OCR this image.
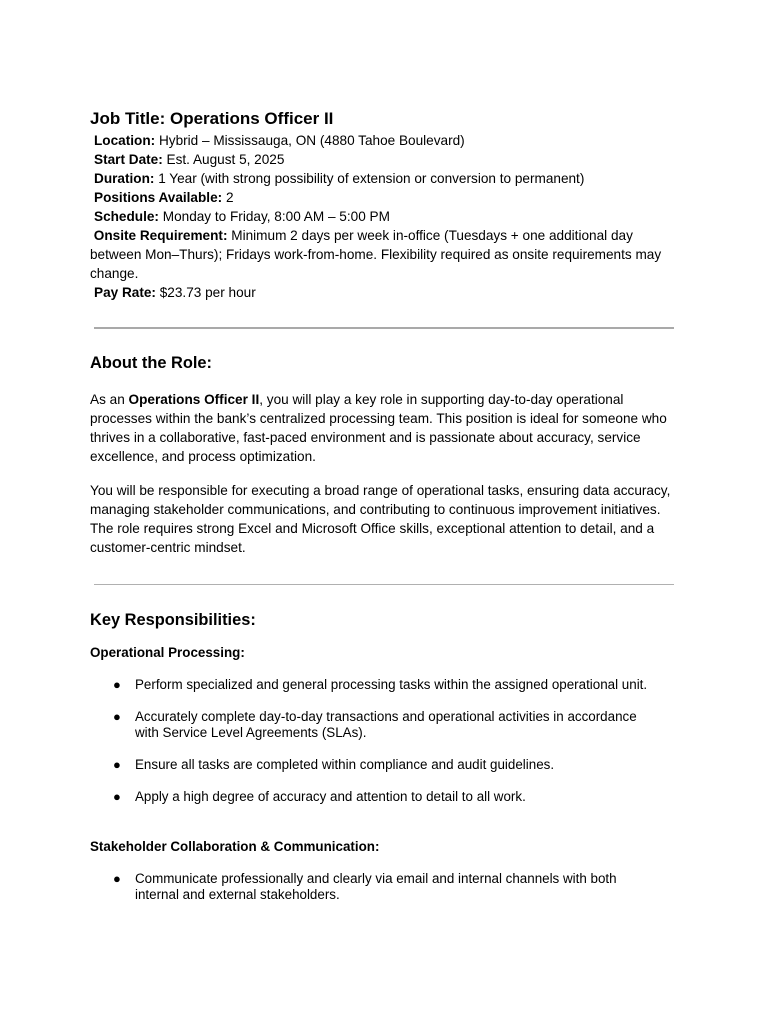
Job Title: Operations Officer II

Location: Hybrid – Mississauga, ON (4880 Tahoe Boulevard)

Start Date: Est. August 5, 2025

Duration: 1 Year (with strong possibility of extension or conversion to permanent)

Positions Available: 2

Schedule: Monday to Friday, 8:00 AM – 5:00 PM

Onsite Requirement: Minimum 2 days per week in-office (Tuesdays + one additional day between Mon–Thurs); Fridays work-from-home. Flexibility required as onsite requirements may change.

Pay Rate: $23.73 per hour

About the Role:

As an Operations Officer II, you will play a key role in supporting day-to-day operational processes within the bank’s centralized processing team. This position is ideal for someone who thrives in a collaborative, fast-paced environment and is passionate about accuracy, service excellence, and process optimization.

You will be responsible for executing a broad range of operational tasks, ensuring data accuracy, managing stakeholder communications, and contributing to continuous improvement initiatives. The role requires strong Excel and Microsoft Office skills, exceptional attention to detail, and a customer-centric mindset.

Key Responsibilities:
Operational Processing:
● Perform specialized and general processing tasks within the assigned operational unit.
● Accurately complete day-to-day transactions and operational activities in accordance with Service Level Agreements (SLAs).
● Ensure all tasks are completed within compliance and audit guidelines.
● Apply a high degree of accuracy and attention to detail to all work.
Stakeholder Collaboration & Communication:
● Communicate professionally and clearly via email and internal channels with both internal and external stakeholders.
